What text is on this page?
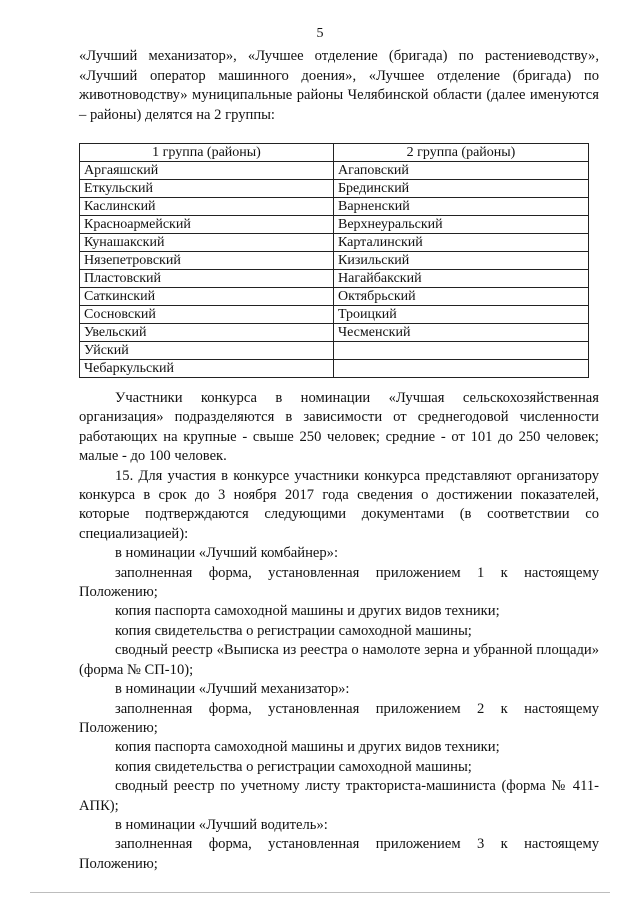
5

«Лучший механизатор», «Лучшее отделение (бригада) по растениеводству», «Лучший оператор машинного доения», «Лучшее отделение (бригада) по животноводству» муниципальные районы Челябинской области (далее именуются – районы) делятся на 2 группы:

1 группа (районы)	2 группа (районы)
Аргаяшский	Агаповский
Еткульский	Брединский
Каслинский	Варненский
Красноармейский	Верхнеуральский
Кунашакский	Карталинский
Нязепетровский	Кизильский
Пластовский	Нагайбакский
Саткинский	Октябрьский
Сосновский	Троицкий
Увельский	Чесменский
Уйский	
Чебаркульский	

Участники конкурса в номинации «Лучшая сельскохозяйственная организация» подразделяются в зависимости от среднегодовой численности работающих на крупные - свыше 250 человек; средние - от 101 до 250 человек; малые - до 100 человек.

15. Для участия в конкурсе участники конкурса представляют организатору конкурса в срок до 3 ноября 2017 года сведения о достижении показателей, которые подтверждаются следующими документами (в соответствии со специализацией):

в номинации «Лучший комбайнер»:

заполненная форма, установленная приложением 1 к настоящему Положению;

копия паспорта самоходной машины и других видов техники;

копия свидетельства о регистрации самоходной машины;

сводный реестр «Выписка из реестра о намолоте зерна и убранной площади» (форма № СП-10);

в номинации «Лучший механизатор»:

заполненная форма, установленная приложением 2 к настоящему Положению;

копия паспорта самоходной машины и других видов техники;

копия свидетельства о регистрации самоходной машины;

сводный реестр по учетному листу тракториста-машиниста (форма № 411-АПК);

в номинации «Лучший водитель»:

заполненная форма, установленная приложением 3 к настоящему Положению;
